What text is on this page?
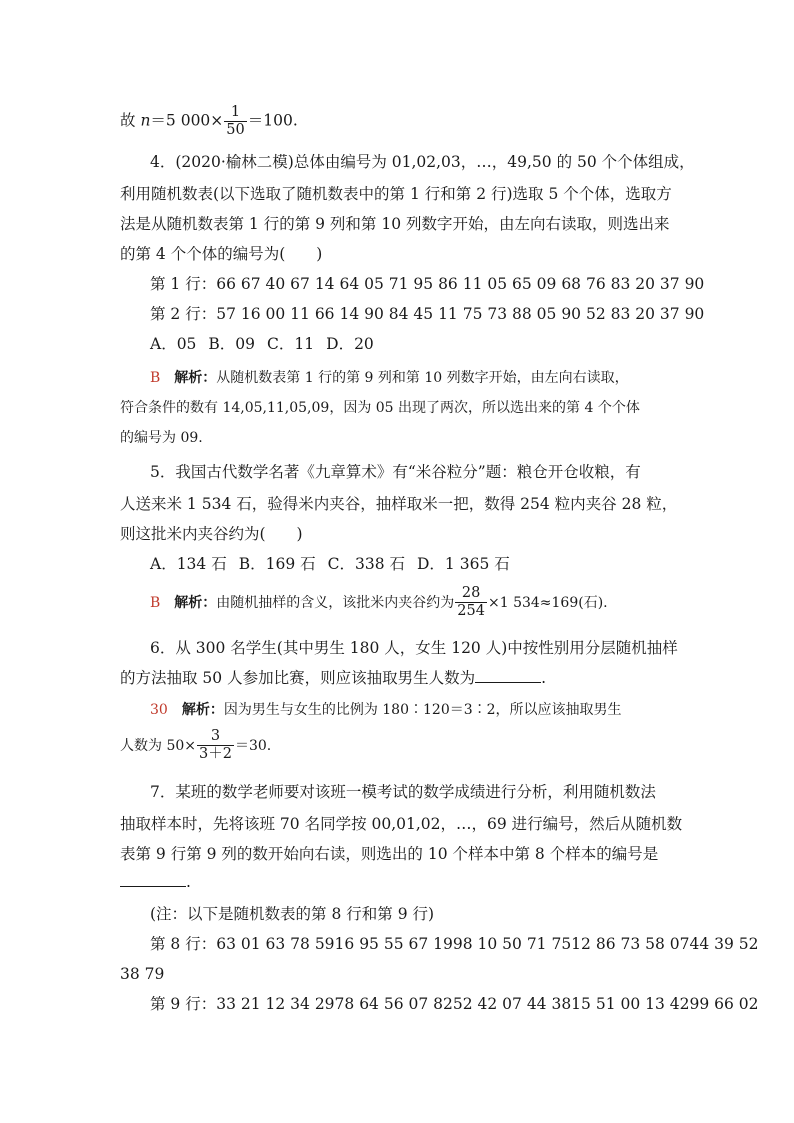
故 n＝5 $000\times \frac{1}{50} =100$.
4．(2020·榆林二模)总体由编号为 01,02,03，…，49,50 的 50 个个体组成，
利用随机数表(以下选取了随机数表中的第 1 行和第 2 行)选取 5 个个体，选取方
法是从随机数表第 1 行的第 9 列和第 10 列数字开始，由左向右读取，则选出来
的第 4 个个体的编号为(　　)
第 1 行：66 67 40 67 14 64 05 71 95 86 11 05 65 09 68 76 83 20 37 90
第 2 行：57 16 00 11 66 14 90 84 45 11 75 73 88 05 90 52 83 20 37 90
A．05 B．09 C．11 D．20
B 解析：从随机数表第 1 行的第 9 列和第 10 列数字开始，由左向右读取，
符合条件的数有 14,05,11,05,09，因为 05 出现了两次，所以选出来的第 4 个个体
的编号为 09.
5．我国古代数学名著《九章算术》有“米谷粒分”题：粮仓开仓收粮，有
人送来米 1 534 石，验得米内夹谷，抽样取米一把，数得 254 粒内夹谷 28 粒，
则这批米内夹谷约为(　　)
A．134 石 B．169 石 C．338 石 D．1 365 石
B 解析：由随机抽样的含义，该批米内夹谷约为 $\frac{28}{254} \times 1$ 534≈169(石).
6．从 300 名学生(其中男生 180 人，女生 120 人)中按性别用分层随机抽样
的方法抽取 50 人参加比赛，则应该抽取男生人数为	.
30 解析：因为男生与女生的比例为 180∶120＝3∶2，所以应该抽取男生
人数为 $50\times \frac{3}{3+2} =30$.
7．某班的数学老师要对该班一模考试的数学成绩进行分析，利用随机数法
抽取样本时，先将该班 70 名同学按 00,01,02，…，69 进行编号，然后从随机数
表第 9 行第 9 列的数开始向右读，则选出的 10 个样本中第 8 个样本的编号是
.
(注：以下是随机数表的第 8 行和第 9 行)
第 8 行：63 01 63 78 5916 95 55 67 1998 10 50 71 7512 86 73 58 0744 39 52
38 79
第 9 行：33 21 12 34 2978 64 56 07 8252 42 07 44 3815 51 00 13 4299 66 02
